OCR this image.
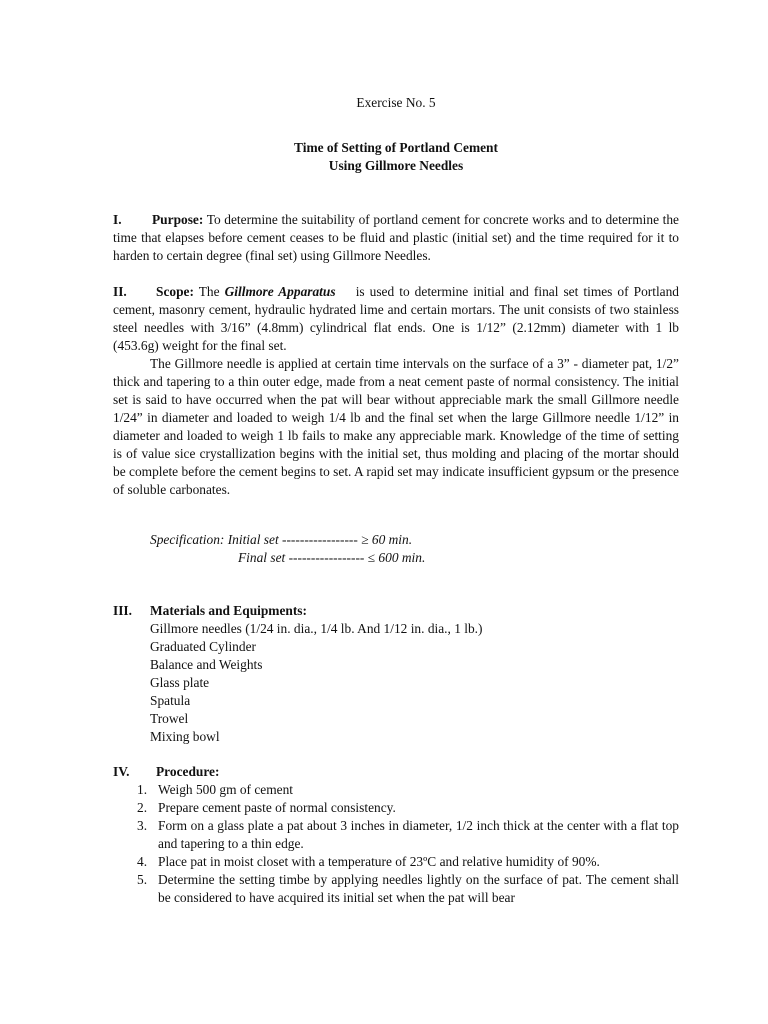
Exercise No. 5
Time of Setting of Portland Cement
Using Gillmore Needles

I. Purpose: To determine the suitability of portland cement for concrete works and to determine the time that elapses before cement ceases to be fluid and plastic (initial set) and the time required for it to harden to certain degree (final set) using Gillmore Needles.

II. Scope: The Gillmore Apparatus is used to determine initial and final set times of Portland cement, masonry cement, hydraulic hydrated lime and certain mortars. The unit consists of two stainless steel needles with 3/16” (4.8mm) cylindrical flat ends. One is 1/12” (2.12mm) diameter with 1 lb (453.6g) weight for the final set.

The Gillmore needle is applied at certain time intervals on the surface of a 3” - diameter pat, 1/2” thick and tapering to a thin outer edge, made from a neat cement paste of normal consistency. The initial set is said to have occurred when the pat will bear without appreciable mark the small Gillmore needle 1/24” in diameter and loaded to weigh 1/4 lb and the final set when the large Gillmore needle 1/12” in diameter and loaded to weigh 1 lb fails to make any appreciable mark. Knowledge of the time of setting is of value sice crystallization begins with the initial set, thus molding and placing of the mortar should be complete before the cement begins to set. A rapid set may indicate insufficient gypsum or the presence of soluble carbonates.

Specification: Initial set ----------------- ≥ 60 min.
Final set ----------------- ≤ 600 min.

III. Materials and Equipments:

Gillmore needles (1/24 in. dia., 1/4 lb. And 1/12 in. dia., 1 lb.)
Graduated Cylinder
Balance and Weights
Glass plate
Spatula
Trowel
Mixing bowl

IV. Procedure:

1. Weigh 500 gm of cement
2. Prepare cement paste of normal consistency.
3. Form on a glass plate a pat about 3 inches in diameter, 1/2 inch thick at the center with a flat top and tapering to a thin edge.
4. Place pat in moist closet with a temperature of 23ºC and relative humidity of 90%.
5. Determine the setting timbe by applying needles lightly on the surface of pat. The cement shall be considered to have acquired its initial set when the pat will bear
